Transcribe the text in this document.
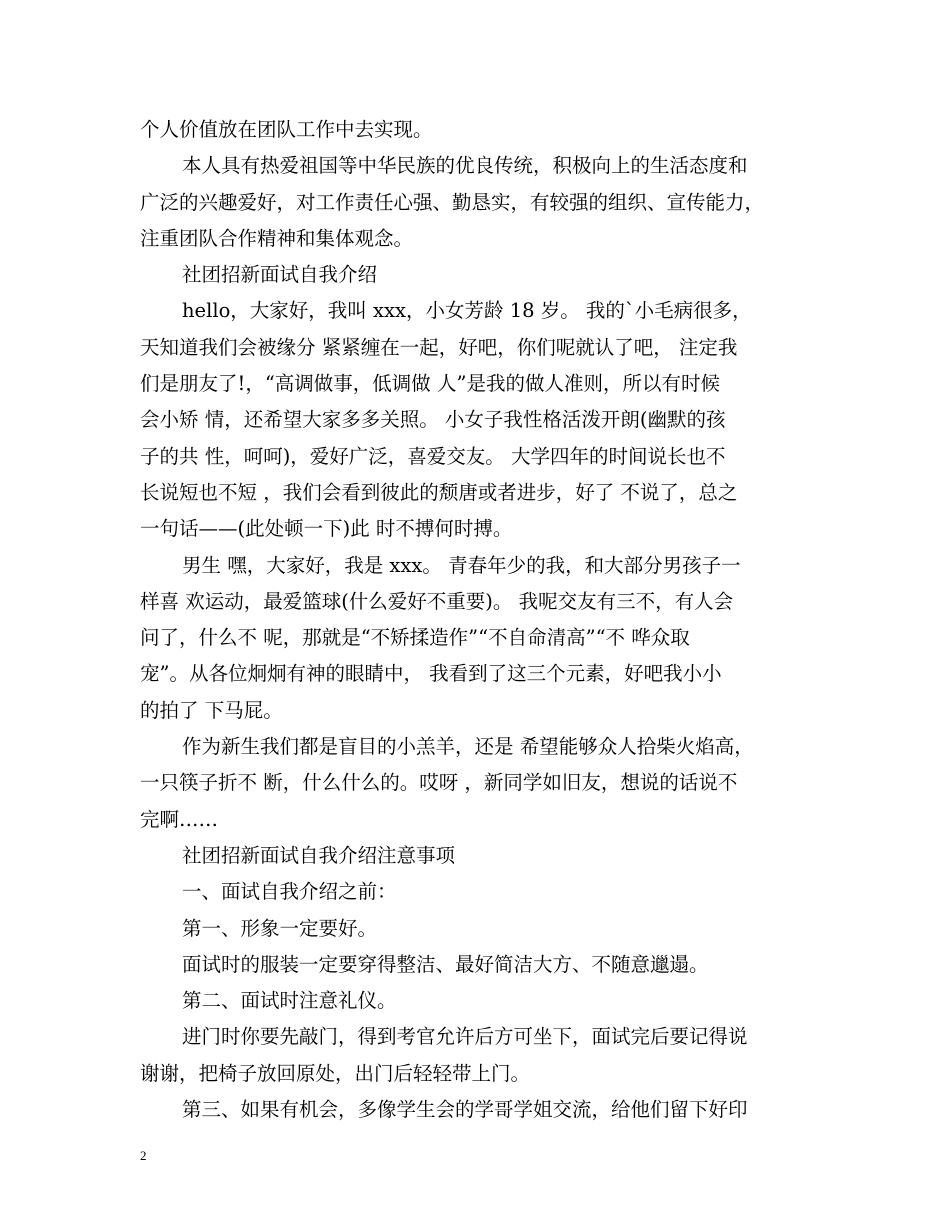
个人价值放在团队工作中去实现。
本人具有热爱祖国等中华民族的优良传统，积极向上的生活态度和
广泛的兴趣爱好，对工作责任心强、勤恳实，有较强的组织、宣传能力，
注重团队合作精神和集体观念。
社团招新面试自我介绍
hello，大家好，我叫 xxx，小女芳龄 18 岁。 我的`小毛病很多，
天知道我们会被缘分 紧紧缠在一起，好吧，你们呢就认了吧， 注定我
们是朋友了!，“高调做事，低调做 人”是我的做人准则，所以有时候
会小矫 情，还希望大家多多关照。 小女子我性格活泼开朗(幽默的孩
子的共 性，呵呵)，爱好广泛，喜爱交友。 大学四年的时间说长也不
长说短也不短 ，我们会看到彼此的颓唐或者进步，好了 不说了，总之
一句话——(此处顿一下)此 时不搏何时搏。
男生 嘿，大家好，我是 xxx。 青春年少的我，和大部分男孩子一
样喜 欢运动，最爱篮球(什么爱好不重要)。 我呢交友有三不，有人会
问了，什么不 呢，那就是“不矫揉造作”“不自命清高”“不 哗众取
宠”。从各位炯炯有神的眼睛中， 我看到了这三个元素，好吧我小小
的拍了 下马屁。
作为新生我们都是盲目的小羔羊，还是 希望能够众人拾柴火焰高，
一只筷子折不 断，什么什么的。哎呀 ，新同学如旧友，想说的话说不
完啊……
社团招新面试自我介绍注意事项
一、面试自我介绍之前：
第一、形象一定要好。
面试时的服装一定要穿得整洁、最好简洁大方、不随意邋遢。
第二、面试时注意礼仪。
进门时你要先敲门，得到考官允许后方可坐下，面试完后要记得说
谢谢，把椅子放回原处，出门后轻轻带上门。
第三、如果有机会，多像学生会的学哥学姐交流，给他们留下好印
2
